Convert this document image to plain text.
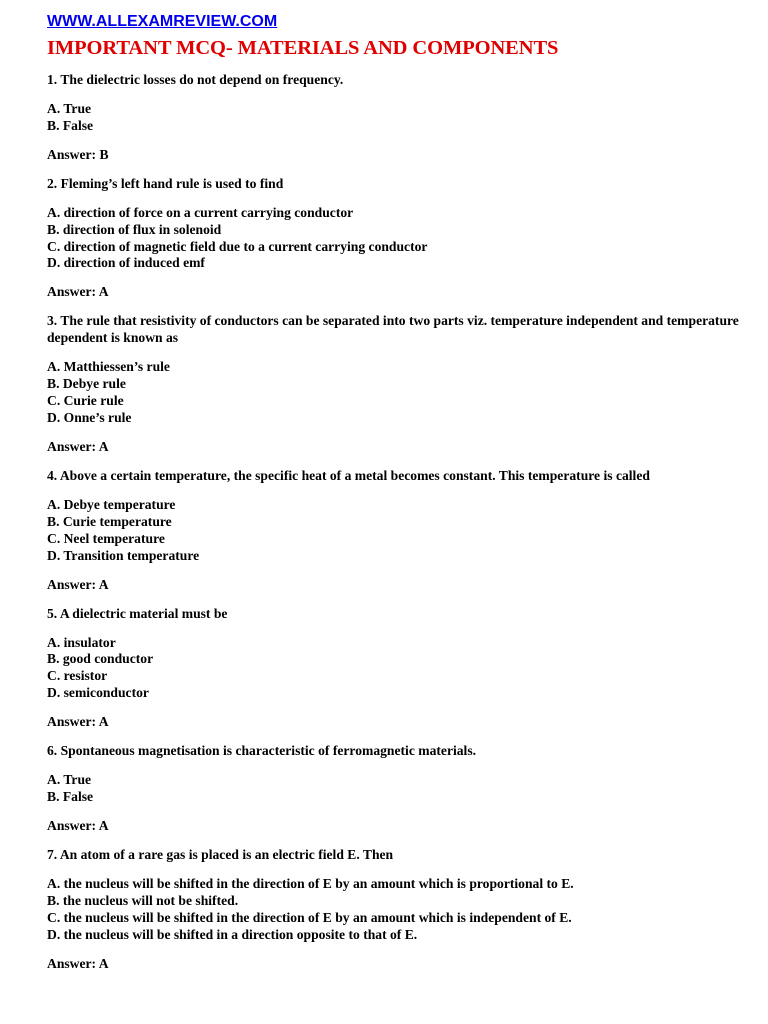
WWW.ALLEXAMREVIEW.COM
IMPORTANT MCQ- MATERIALS AND COMPONENTS

1. The dielectric losses do not depend on frequency.

A. True
B. False

Answer: B

2. Fleming’s left hand rule is used to find

A. direction of force on a current carrying conductor
B. direction of flux in solenoid
C. direction of magnetic field due to a current carrying conductor
D. direction of induced emf

Answer: A

3. The rule that resistivity of conductors can be separated into two parts viz. temperature independent and temperature dependent is known as

A. Matthiessen’s rule
B. Debye rule
C. Curie rule
D. Onne’s rule

Answer: A

4. Above a certain temperature, the specific heat of a metal becomes constant. This temperature is called

A. Debye temperature
B. Curie temperature
C. Neel temperature
D. Transition temperature

Answer: A

5. A dielectric material must be

A. insulator
B. good conductor
C. resistor
D. semiconductor

Answer: A

6. Spontaneous magnetisation is characteristic of ferromagnetic materials.

A. True
B. False

Answer: A

7. An atom of a rare gas is placed is an electric field E. Then

A. the nucleus will be shifted in the direction of E by an amount which is proportional to E.
B. the nucleus will not be shifted.
C. the nucleus will be shifted in the direction of E by an amount which is independent of E.
D. the nucleus will be shifted in a direction opposite to that of E.

Answer: A
